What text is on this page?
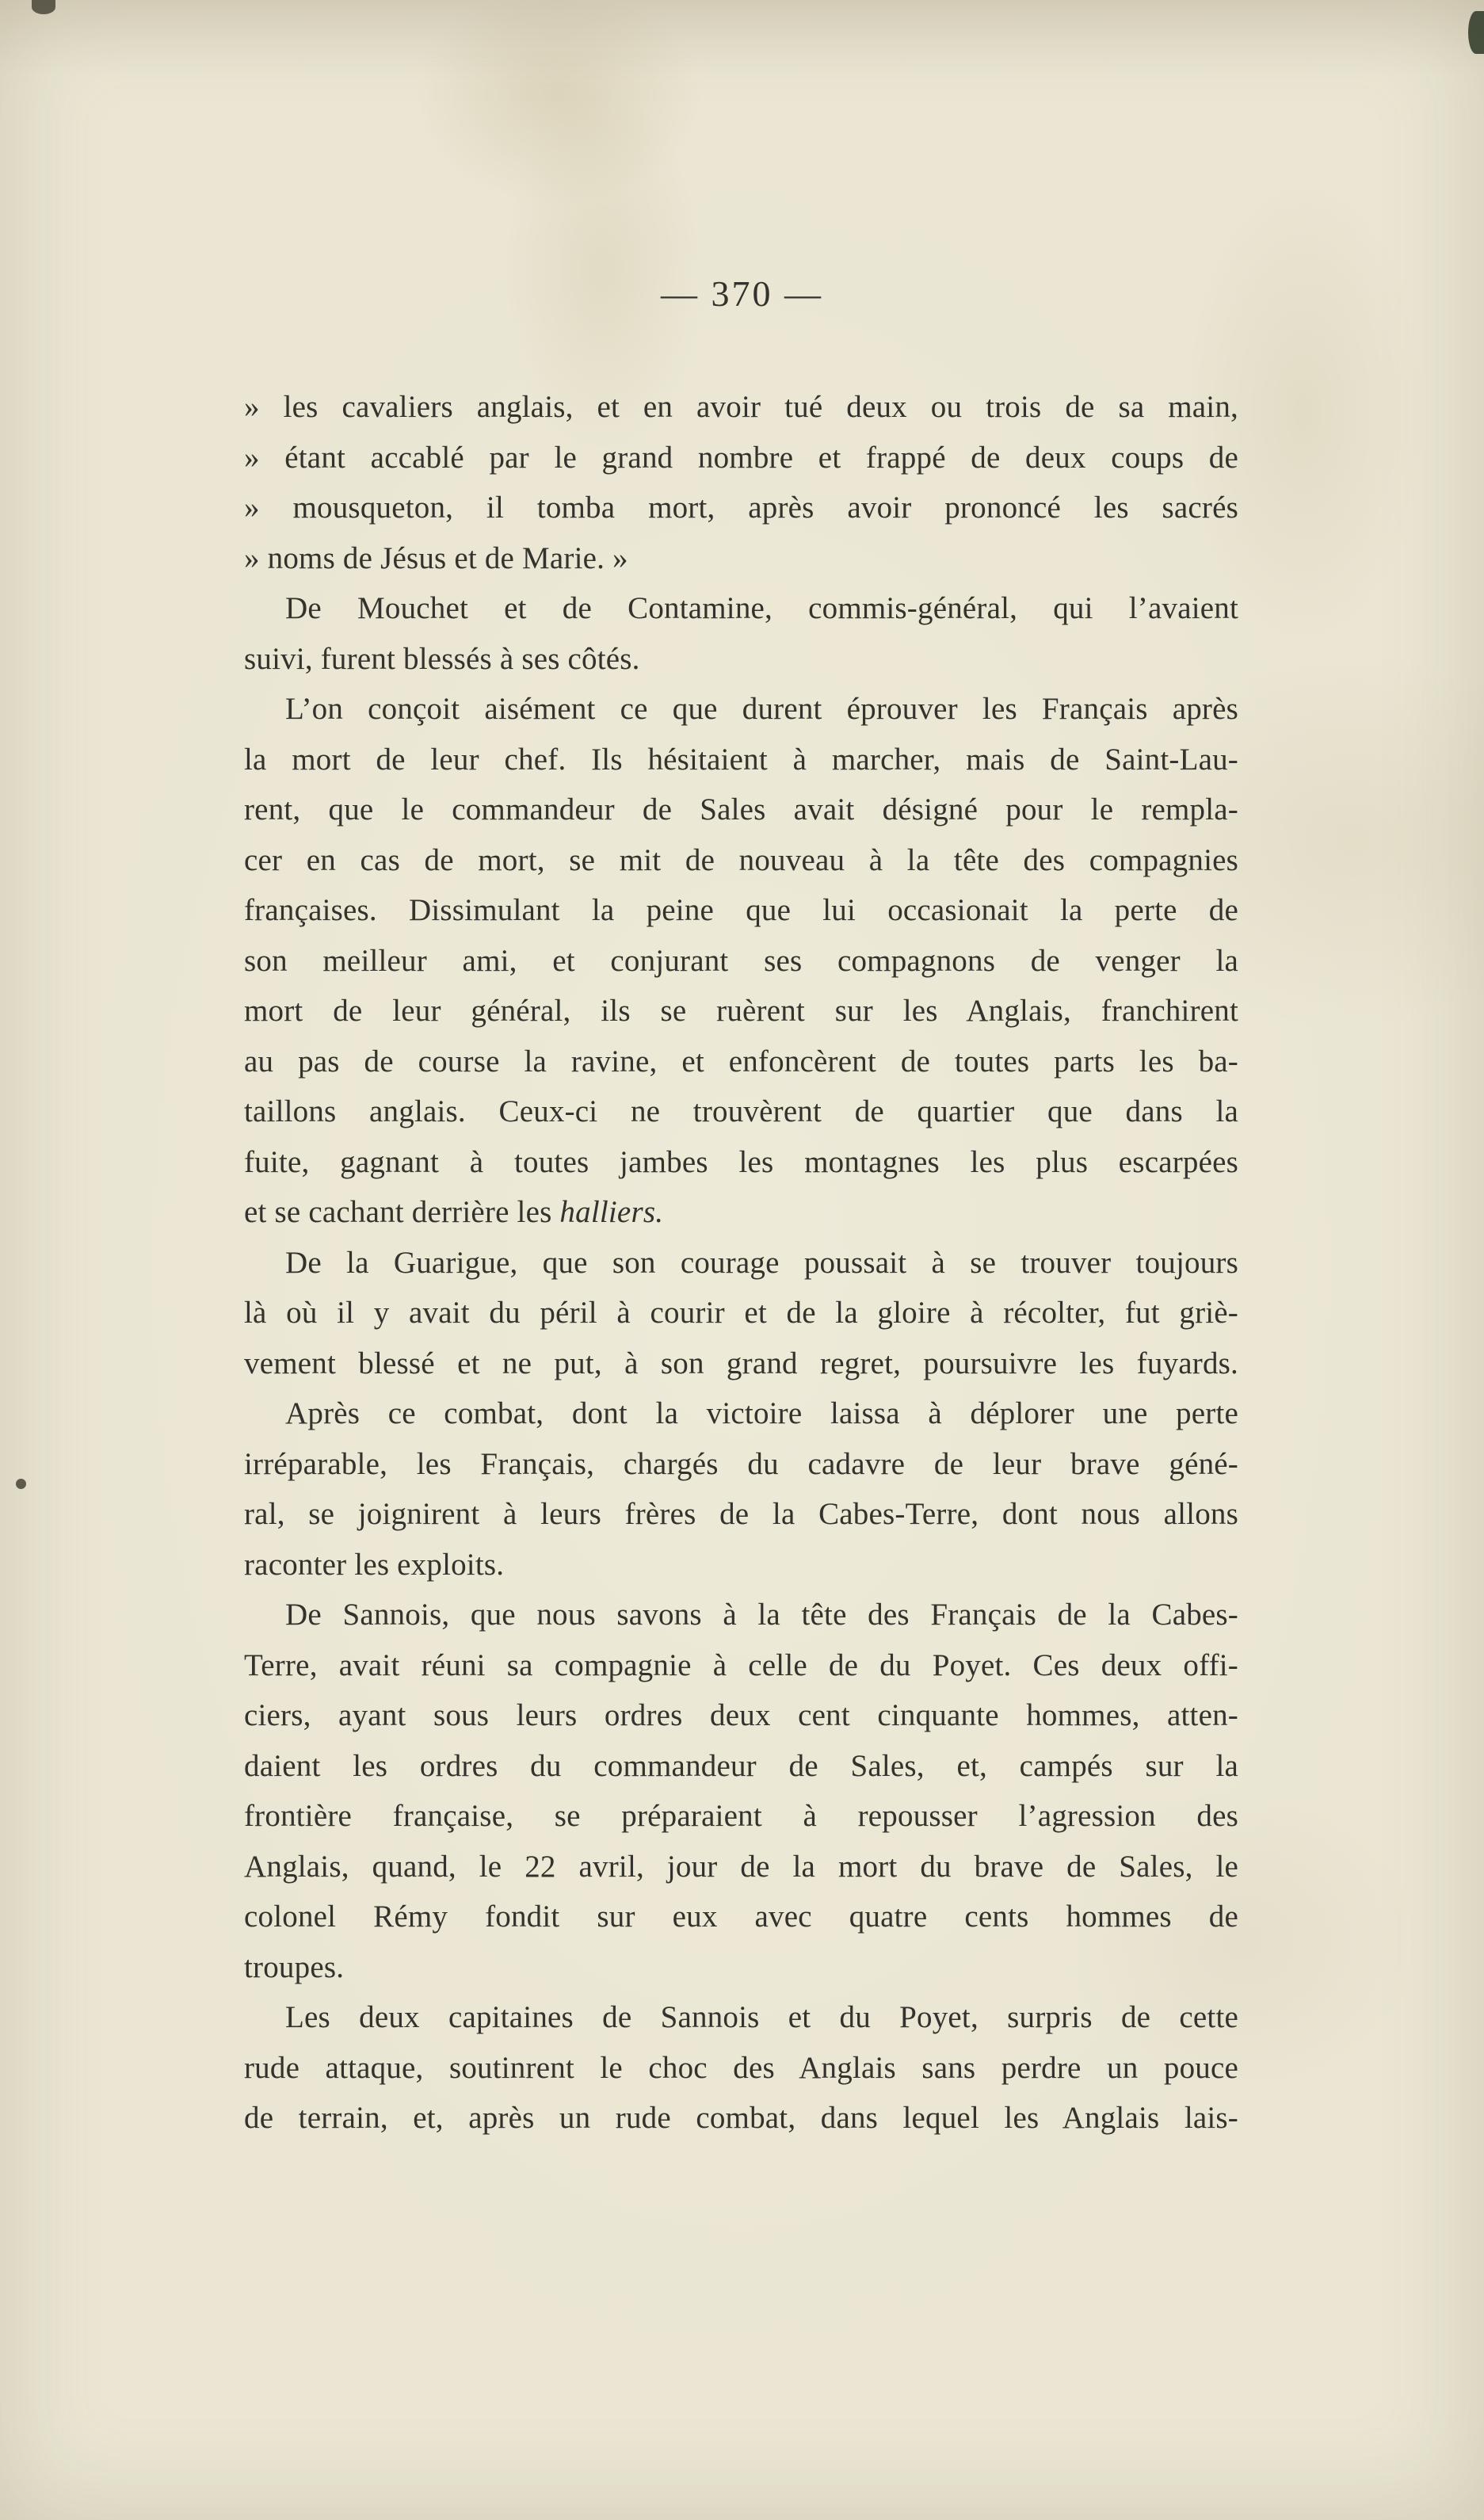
— 370 —
» les cavaliers anglais, et en avoir tué deux ou trois de sa main,
» étant accablé par le grand nombre et frappé de deux coups de
» mousqueton, il tomba mort, après avoir prononcé les sacrés
» noms de Jésus et de Marie. »
De Mouchet et de Contamine, commis-général, qui l’avaient
suivi, furent blessés à ses côtés.
L’on conçoit aisément ce que durent éprouver les Français après
la mort de leur chef. Ils hésitaient à marcher, mais de Saint-Lau-
rent, que le commandeur de Sales avait désigné pour le rempla-
cer en cas de mort, se mit de nouveau à la tête des compagnies
françaises. Dissimulant la peine que lui occasionait la perte de
son meilleur ami, et conjurant ses compagnons de venger la
mort de leur général, ils se ruèrent sur les Anglais, franchirent
au pas de course la ravine, et enfoncèrent de toutes parts les ba-
taillons anglais. Ceux-ci ne trouvèrent de quartier que dans la
fuite, gagnant à toutes jambes les montagnes les plus escarpées
et se cachant derrière les halliers.
De la Guarigue, que son courage poussait à se trouver toujours
là où il y avait du péril à courir et de la gloire à récolter, fut griè-
vement blessé et ne put, à son grand regret, poursuivre les fuyards.
Après ce combat, dont la victoire laissa à déplorer une perte
irréparable, les Français, chargés du cadavre de leur brave géné-
ral, se joignirent à leurs frères de la Cabes-Terre, dont nous allons
raconter les exploits.
De Sannois, que nous savons à la tête des Français de la Cabes-
Terre, avait réuni sa compagnie à celle de du Poyet. Ces deux offi-
ciers, ayant sous leurs ordres deux cent cinquante hommes, atten-
daient les ordres du commandeur de Sales, et, campés sur la
frontière française, se préparaient à repousser l’agression des
Anglais, quand, le 22 avril, jour de la mort du brave de Sales, le
colonel Rémy fondit sur eux avec quatre cents hommes de
troupes.
Les deux capitaines de Sannois et du Poyet, surpris de cette
rude attaque, soutinrent le choc des Anglais sans perdre un pouce
de terrain, et, après un rude combat, dans lequel les Anglais lais-
